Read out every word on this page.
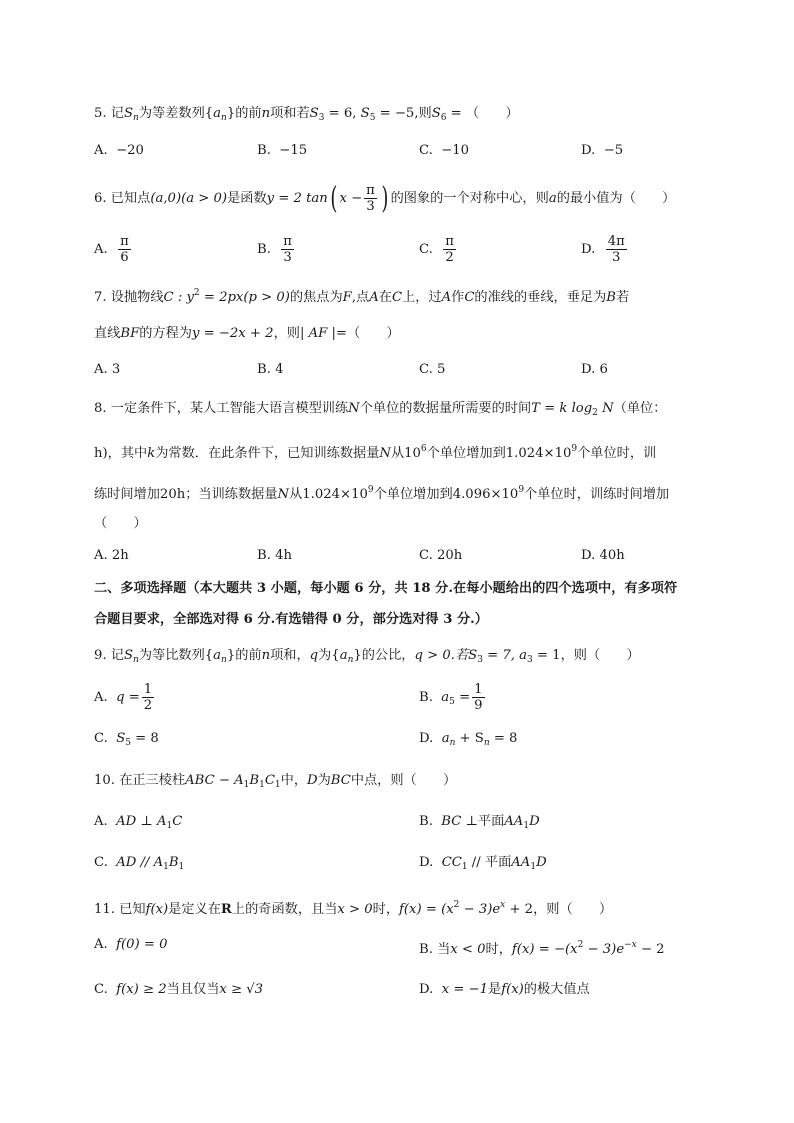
5. 记$S_n$为等差数列$\{a_n\}$的前n项和若$S_3 = 6$, $S_5 = -5$,则$S_6$ = （　　）
A. −20	B. −15	C. −10	D. −5
6. 已知点(a,0)(a > 0)是函数y = 2 tan( $x - \frac{\pi}{3}$ ) 的图象的一个对称中心，则a的最小值为（　　）
A. $\frac{\pi}{6}$	B. $\frac{\pi}{3}$	C. $\frac{\pi}{2}$	D. $\frac{4\pi}{3}$
7. 设抛物线C : $y^2 = 2px(p > 0)$的焦点为F,点A在C上，过A作C的准线的垂线，垂足为B若
直线BF的方程为y = −2x + 2，则| AF |=（　　）
A. 3	B. 4	C. 5	D. 6
8. 一定条件下，某人工智能大语言模型训练N个单位的数据量所需要的时间T = k $\log_2 N$（单位：
h)，其中k为常数．在此条件下，已知训练数据量N从$10^6$个单位增加到$1.024\times 10^9$个单位时，训
练时间增加20h；当训练数据量N从$1.024\times 10^9$个单位增加到$4.096\times 10^9$个单位时，训练时间增加
（　　）
A. 2h	B. 4h	C. 20h	D. 40h
二、多项选择题（本大题共 3 小题，每小题 6 分，共 18 分.在每小题给出的四个选项中，有多项符
合题目要求，全部选对得 6 分.有选错得 0 分，部分选对得 3 分.）
9. 记$S_n$为等比数列$\{a_n\}$的前n项和，q为$\{a_n\}$的公比，q > 0.若$S_3 = 7$, $a_3 = 1$，则（　　）
A. $q = \frac{1}{2}$	B. $a_5 = \frac{1}{9}$
C. $S_5 = 8$	D. $a_n + S_n = 8$
10. 在正三棱柱ABC − $A_1B_1C_1$中，D为BC中点，则（　　）
A. AD ⊥ $A_1C$	B. BC ⊥平面$AA_1D$
C. AD // $A_1B_1$	D. $CC_1$ // 平面$AA_1D$
11. 已知f(x)是定义在R上的奇函数，且当x > 0时，$f(x) = (x^2 - 3)e^x + 2$，则（　　）
A. f(0) = 0	B. 当x < 0时，$f(x) = -(x^2 - 3)e^{-x} - 2$
C. f(x) ≥ 2当且仅当x ≥ √3	D. x = −1是f(x)的极大值点
